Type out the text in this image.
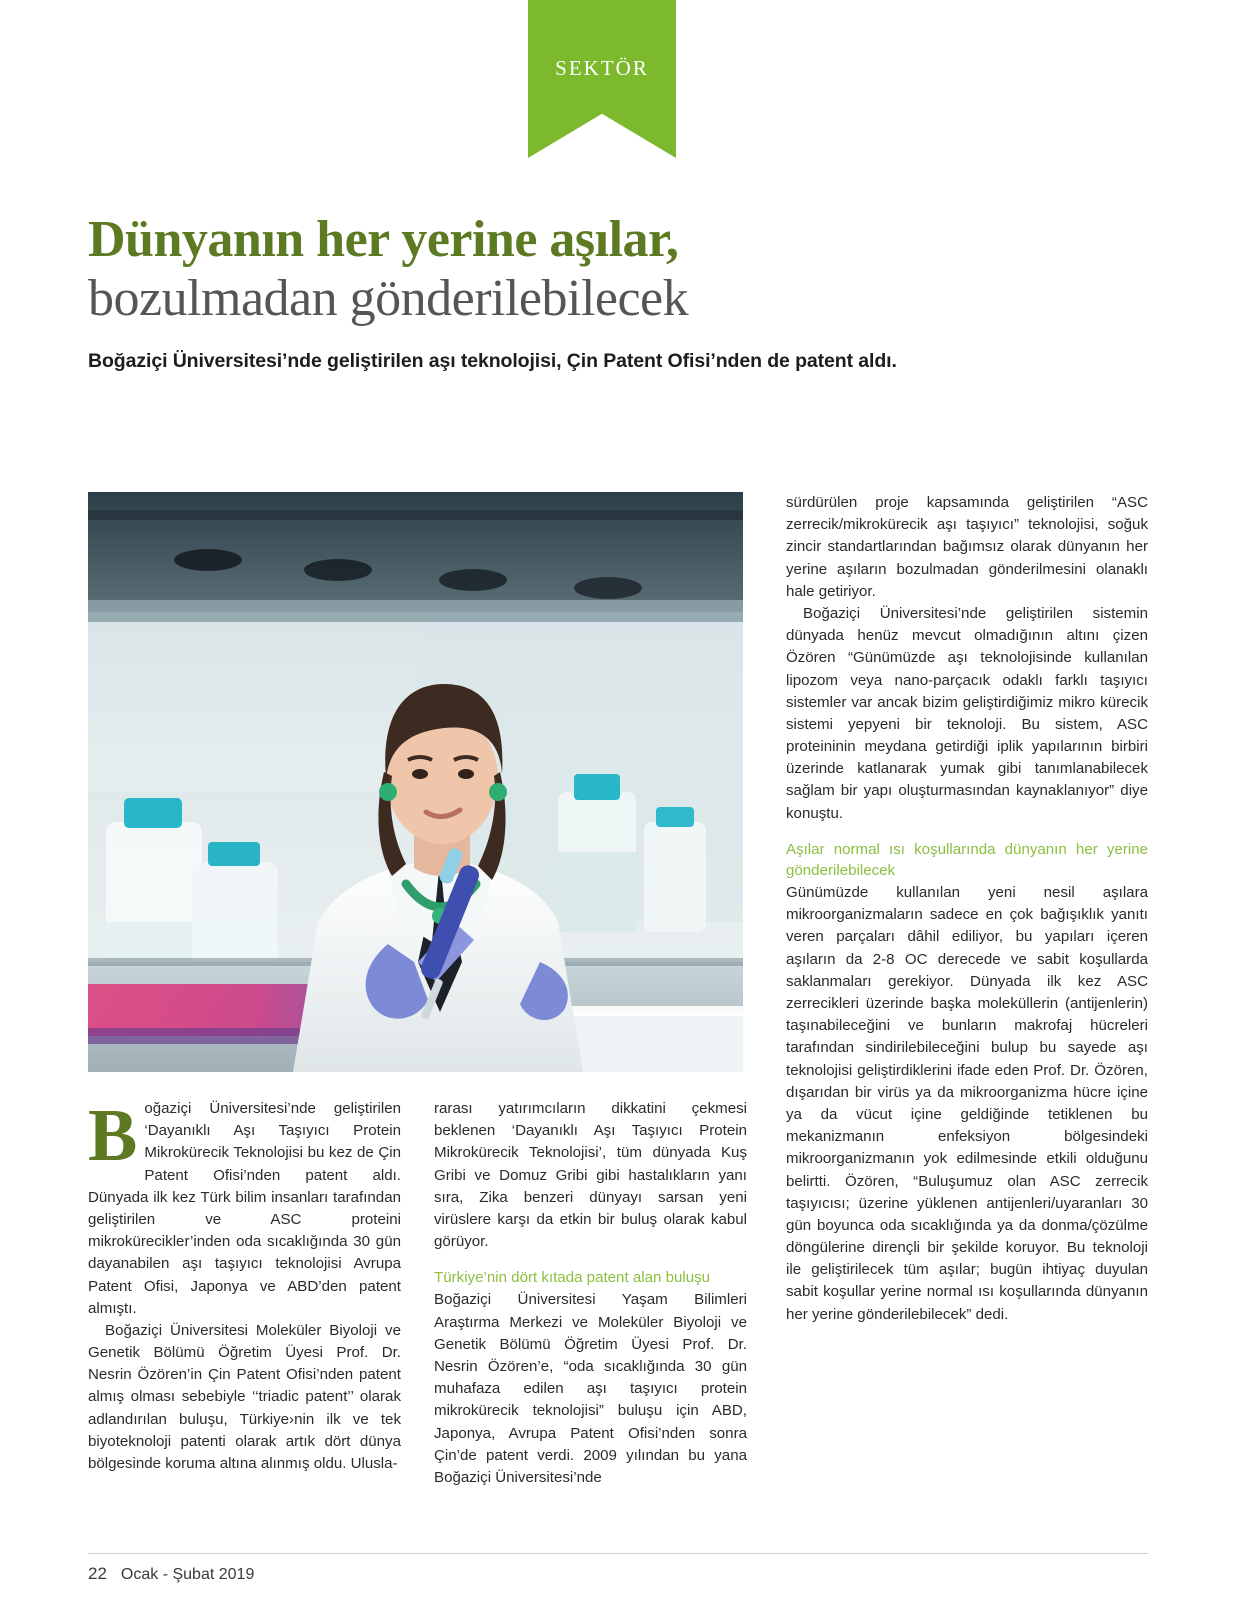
SEKTÖR
Dünyanın her yerine aşılar,
bozulmadan gönderilebilecek

Boğaziçi Üniversitesi’nde geliştirilen aşı teknolojisi, Çin Patent Ofisi’nden de patent aldı.

sürdürülen proje kapsamında geliştirilen “ASC zerrecik/mikrokürecik aşı taşıyıcı” teknolojisi, soğuk zincir standartlarından bağımsız olarak dünyanın her yerine aşıların bozulmadan gönderilmesini olanaklı hale getiriyor.

Boğaziçi Üniversitesi’nde geliştirilen sistemin dünyada henüz mevcut olmadığının altını çizen Özören “Günümüzde aşı teknolojisinde kullanılan lipozom veya nano-parçacık odaklı farklı taşıyıcı sistemler var ancak bizim geliştirdiğimiz mikro kürecik sistemi yepyeni bir teknoloji. Bu sistem, ASC proteininin meydana getirdiği iplik yapılarının birbiri üzerinde katlanarak yumak gibi tanımlanabilecek sağlam bir yapı oluşturmasından kaynaklanıyor” diye konuştu.

Aşılar normal ısı koşullarında dünyanın her yerine gönderilebilecek

Günümüzde kullanılan yeni nesil aşılara mikroorganizmaların sadece en çok bağışıklık yanıtı veren parçaları dâhil ediliyor, bu yapıları içeren aşıların da 2-8 OC derecede ve sabit koşullarda saklanmaları gerekiyor. Dünyada ilk kez ASC zerrecikleri üzerinde başka moleküllerin (antijenlerin) taşınabileceğini ve bunların makrofaj hücreleri tarafından sindirilebileceğini bulup bu sayede aşı teknolojisi geliştirdiklerini ifade eden Prof. Dr. Özören, dışarıdan bir virüs ya da mikroorganizma hücre içine ya da vücut içine geldiğinde tetiklenen bu mekanizmanın enfeksiyon bölgesindeki mikroorganizmanın yok edilmesinde etkili olduğunu belirtti. Özören, “Buluşumuz olan ASC zerrecik taşıyıcısı; üzerine yüklenen antijenleri/uyaranları 30 gün boyunca oda sıcaklığında ya da donma/çözülme döngülerine dirençli bir şekilde koruyor. Bu teknoloji ile geliştirilecek tüm aşılar; bugün ihtiyaç duyulan sabit koşullar yerine normal ısı koşullarında dünyanın her yerine gönderilebilecek” dedi.

Boğaziçi Üniversitesi’nde geliştirilen ‘Dayanıklı Aşı Taşıyıcı Protein Mikrokürecik Teknolojisi bu kez de Çin Patent Ofisi’nden patent aldı. Dünyada ilk kez Türk bilim insanları tarafından geliştirilen ve ASC proteini mikrokürecikler’inden oda sıcaklığında 30 gün dayanabilen aşı taşıyıcı teknolojisi Avrupa Patent Ofisi, Japonya ve ABD’den patent almıştı.

Boğaziçi Üniversitesi Moleküler Biyoloji ve Genetik Bölümü Öğretim Üyesi Prof. Dr. Nesrin Özören’in Çin Patent Ofisi’nden patent almış olması sebebiyle ‘‘triadic patent’’ olarak adlandırılan buluşu, Türkiye›nin ilk ve tek biyoteknoloji patenti olarak artık dört dünya bölgesinde koruma altına alınmış oldu. Ulusla-

rarası yatırımcıların dikkatini çekmesi beklenen ‘Dayanıklı Aşı Taşıyıcı Protein Mikrokürecik Teknolojisi’, tüm dünyada Kuş Gribi ve Domuz Gribi gibi hastalıkların yanı sıra, Zika benzeri dünyayı sarsan yeni virüslere karşı da etkin bir buluş olarak kabul görüyor.

Türkiye’nin dört kıtada patent alan buluşu

Boğaziçi Üniversitesi Yaşam Bilimleri Araştırma Merkezi ve Moleküler Biyoloji ve Genetik Bölümü Öğretim Üyesi Prof. Dr. Nesrin Özören’e, “oda sıcaklığında 30 gün muhafaza edilen aşı taşıyıcı protein mikrokürecik teknolojisi” buluşu için ABD, Japonya, Avrupa Patent Ofisi’nden sonra Çin’de patent verdi. 2009 yılından bu yana Boğaziçi Üniversitesi’nde

22 Ocak - Şubat 2019
